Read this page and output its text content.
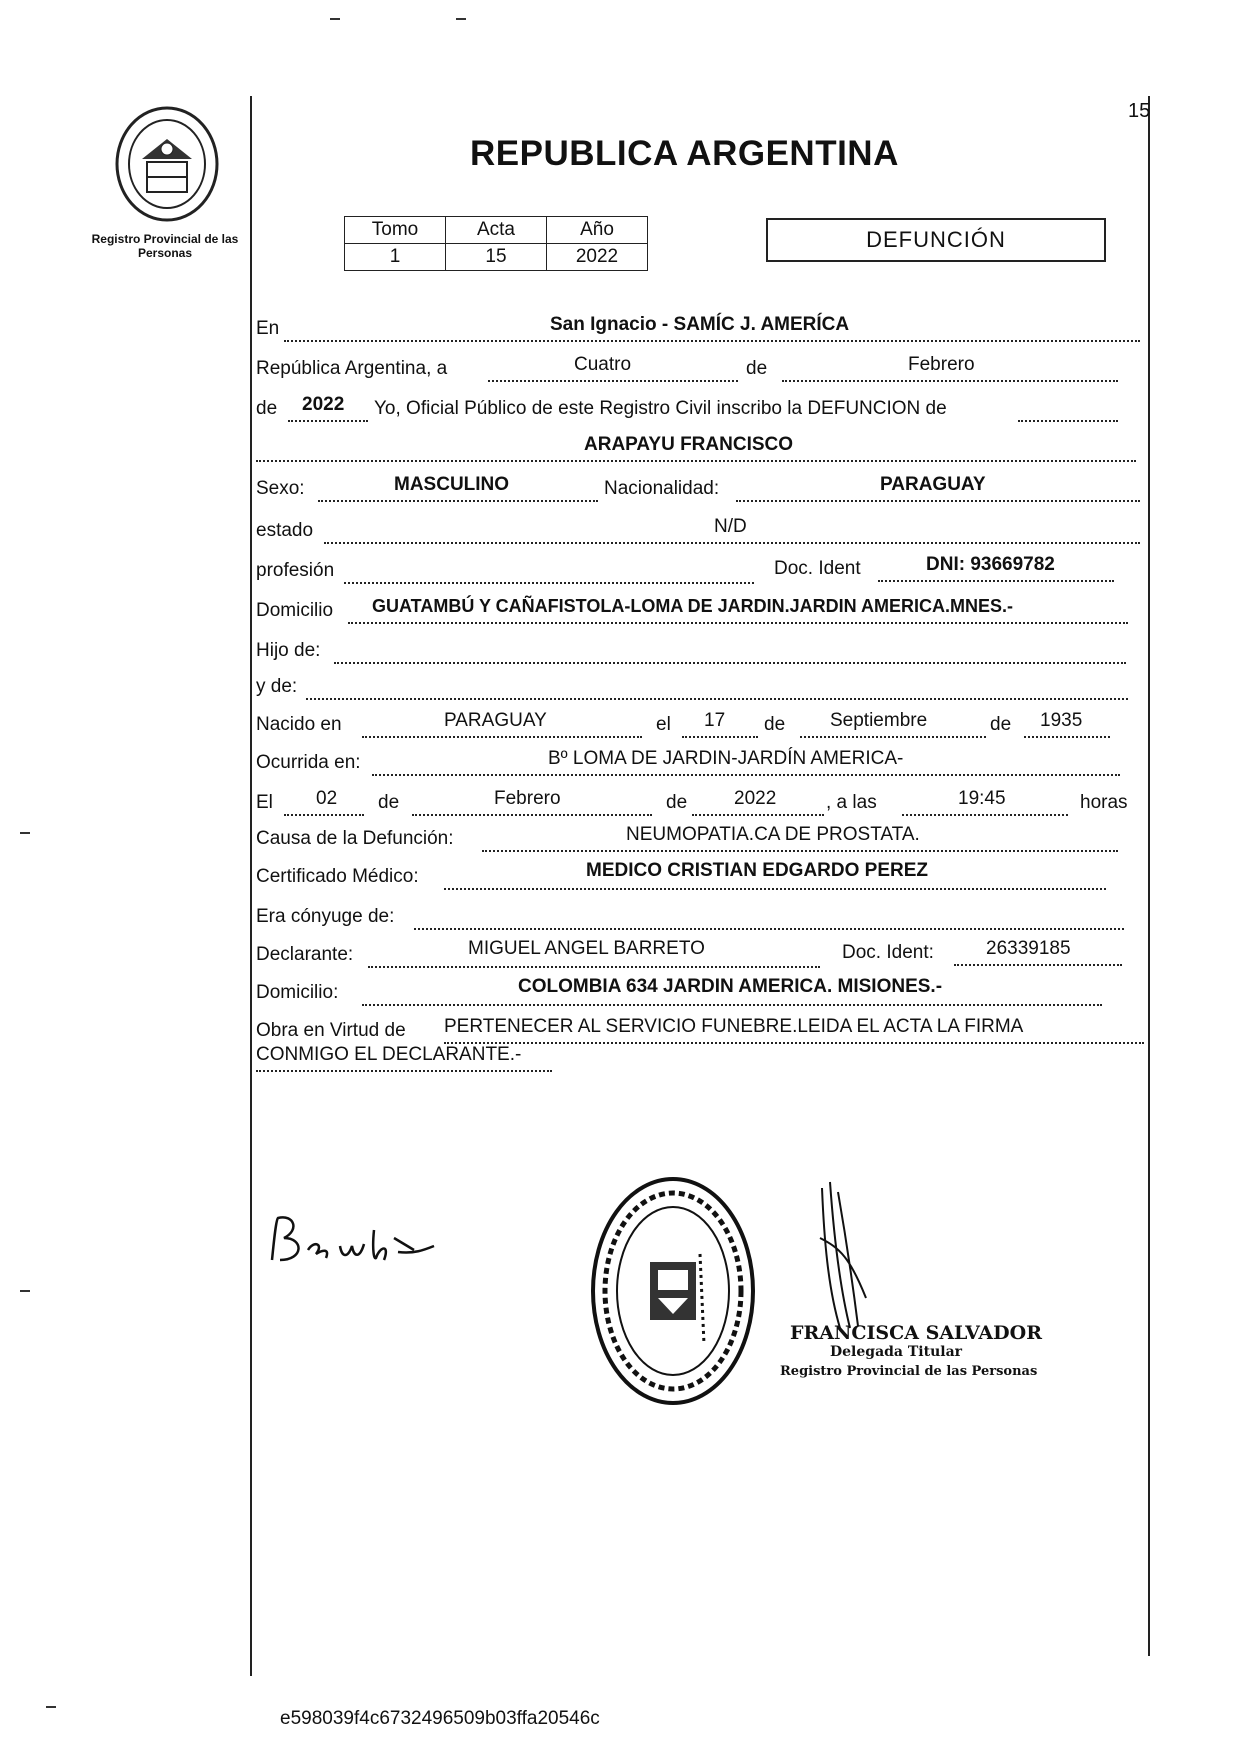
Registro Provincial de las Personas
15
REPUBLICA ARGENTINA
Tomo	Acta	Año
1	15	2022
DEFUNCIÓN
En	San Ignacio - SAMÍC J. AMERÍCA
República Argentina, a	Cuatro	de	Febrero
de 2022 Yo, Oficial Público de este Registro Civil inscribo la DEFUNCION de
ARAPAYU FRANCISCO
Sexo:	MASCULINO	Nacionalidad:	PARAGUAY
estado	N/D
profesión	Doc. Ident	DNI: 93669782
Domicilio GUATAMBÚ Y CAÑAFISTOLA-LOMA DE JARDIN.JARDIN AMERICA.MNES.-
Hijo de:
y de:
Nacido en	PARAGUAY	el 17 de Septiembre	de 1935
Ocurrida en:	Bº LOMA DE JARDIN-JARDÍN AMERICA-
El 02 de	Febrero	de 2022	, a las	19:45	horas
Causa de la Defunción:	NEUMOPATIA.CA DE PROSTATA.
Certificado Médico:	MEDICO CRISTIAN EDGARDO PEREZ
Era cónyuge de:
Declarante:	MIGUEL ANGEL BARRETO	Doc. Ident:	26339185
Domicilio:	COLOMBIA 634 JARDIN AMERICA. MISIONES.-
Obra en Virtud de PERTENECER AL SERVICIO FUNEBRE.LEIDA EL ACTA LA FIRMA
CONMIGO EL DECLARANTE.-
FRANCISCA SALVADOR
Delegada Titular
Registro Provincial de las Personas
e598039f4c6732496509b03ffa20546c
